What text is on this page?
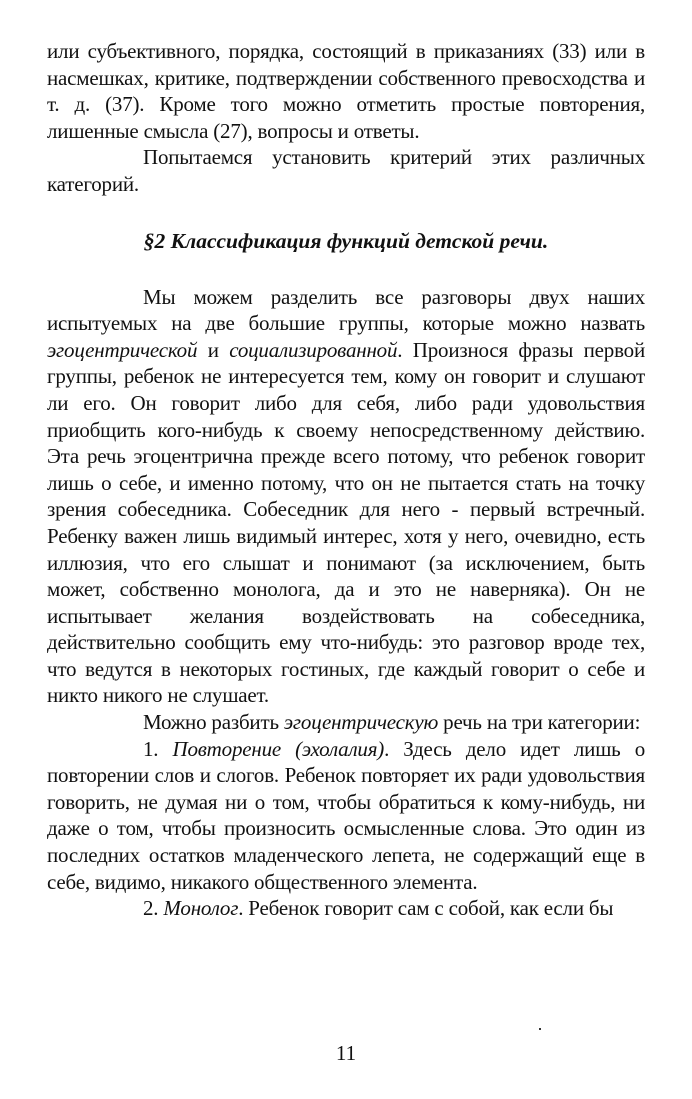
или субъективного, порядка, состоящий в приказаниях (33) или в насмешках, критике, подтверждении собственного превосходства и т. д. (37). Кроме того можно отметить простые повторения, лишенные смысла (27), вопросы и ответы.

Попытаемся установить критерий этих различных категорий.

§2 Классификация функций детской речи.

Мы можем разделить все разговоры двух наших испытуемых на две большие группы, которые можно назвать эгоцентрической и социализированной. Произнося фразы первой группы, ребенок не интересуется тем, кому он говорит и слушают ли его. Он говорит либо для себя, либо ради удовольствия приобщить кого-нибудь к своему непосредственному действию. Эта речь эгоцентрична прежде всего потому, что ребенок говорит лишь о себе, и именно потому, что он не пытается стать на точку зрения собеседника. Собеседник для него - первый встречный. Ребенку важен лишь видимый интерес, хотя у него, очевидно, есть иллюзия, что его слышат и понимают (за исключением, быть может, собственно монолога, да и это не наверняка). Он не испытывает желания воздействовать на собеседника, действительно сообщить ему что-нибудь: это разговор вроде тех, что ведутся в некоторых гостиных, где каждый говорит о себе и никто никого не слушает.

Можно разбить эгоцентрическую речь на три категории:

1. Повторение (эхолалия). Здесь дело идет лишь о повторении слов и слогов. Ребенок повторяет их ради удовольствия говорить, не думая ни о том, чтобы обратиться к кому-нибудь, ни даже о том, чтобы произносить осмысленные слова. Это один из последних остатков младенческого лепета, не содержащий еще в себе, видимо, никакого общественного элемента.

2. Монолог. Ребенок говорит сам с собой, как если бы

11
